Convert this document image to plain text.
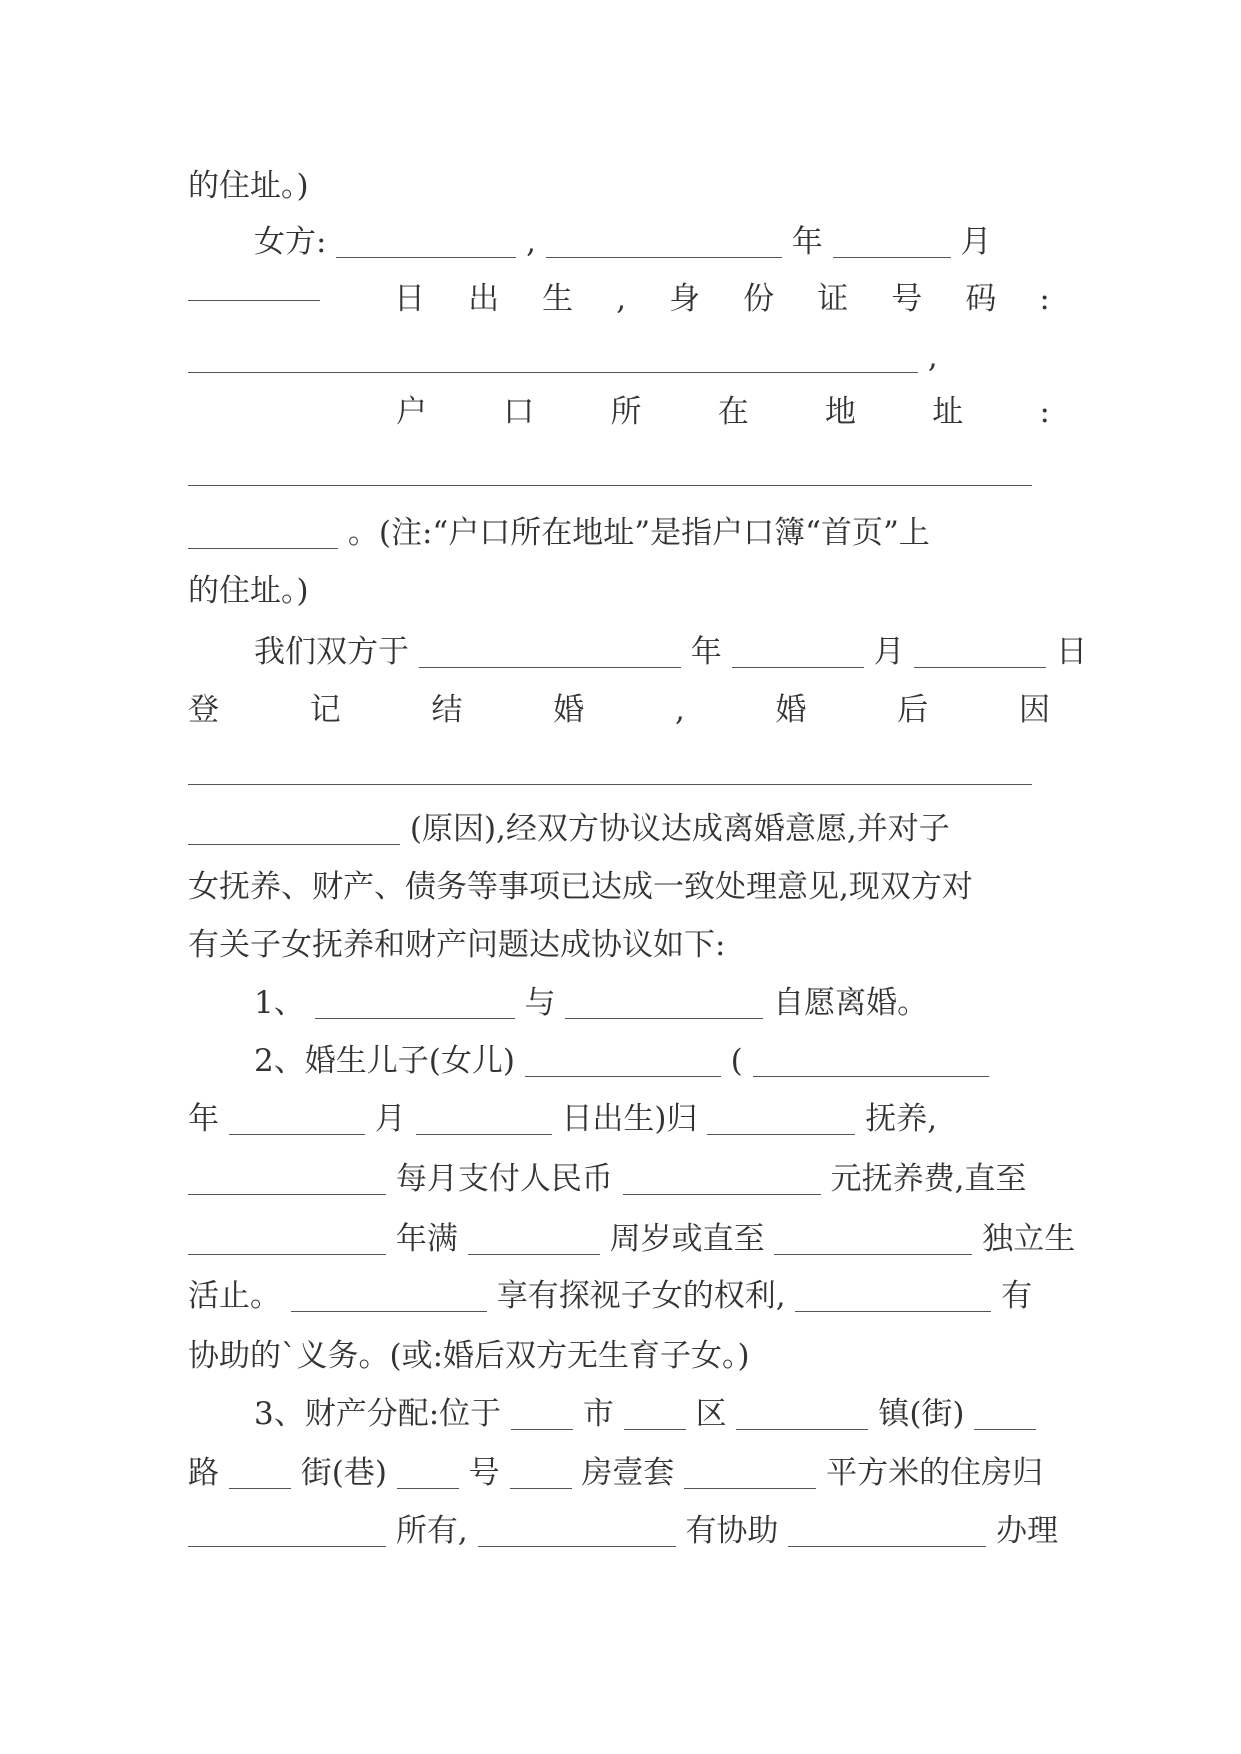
的住址。)
女方:	,	年	月
日 出 生 , 身 份 证 号 码 :
,
户 口 所 在 地 址 :
。(注:“户口所在地址”是指户口簿“首页”上
的住址。)
我们双方于	年	月	日
登	记	结	婚	,	婚	后	因
(原因),经双方协议达成离婚意愿,并对子
女抚养、财产、债务等事项已达成一致处理意见,现双方对
有关子女抚养和财产问题达成协议如下:
1、	与	自愿离婚。
2、婚生儿子(女儿)	(
年	月	日出生)归	抚养,
每月支付人民币	元抚养费,直至
年满	周岁或直至	独立生
活止。	享有探视子女的权利,	有
协助的`义务。(或:婚后双方无生育子女。)
3、财产分配:位于	市	区	镇(街)
路	街(巷)	号	房壹套	平方米的住房归
所有,	有协助	办理
